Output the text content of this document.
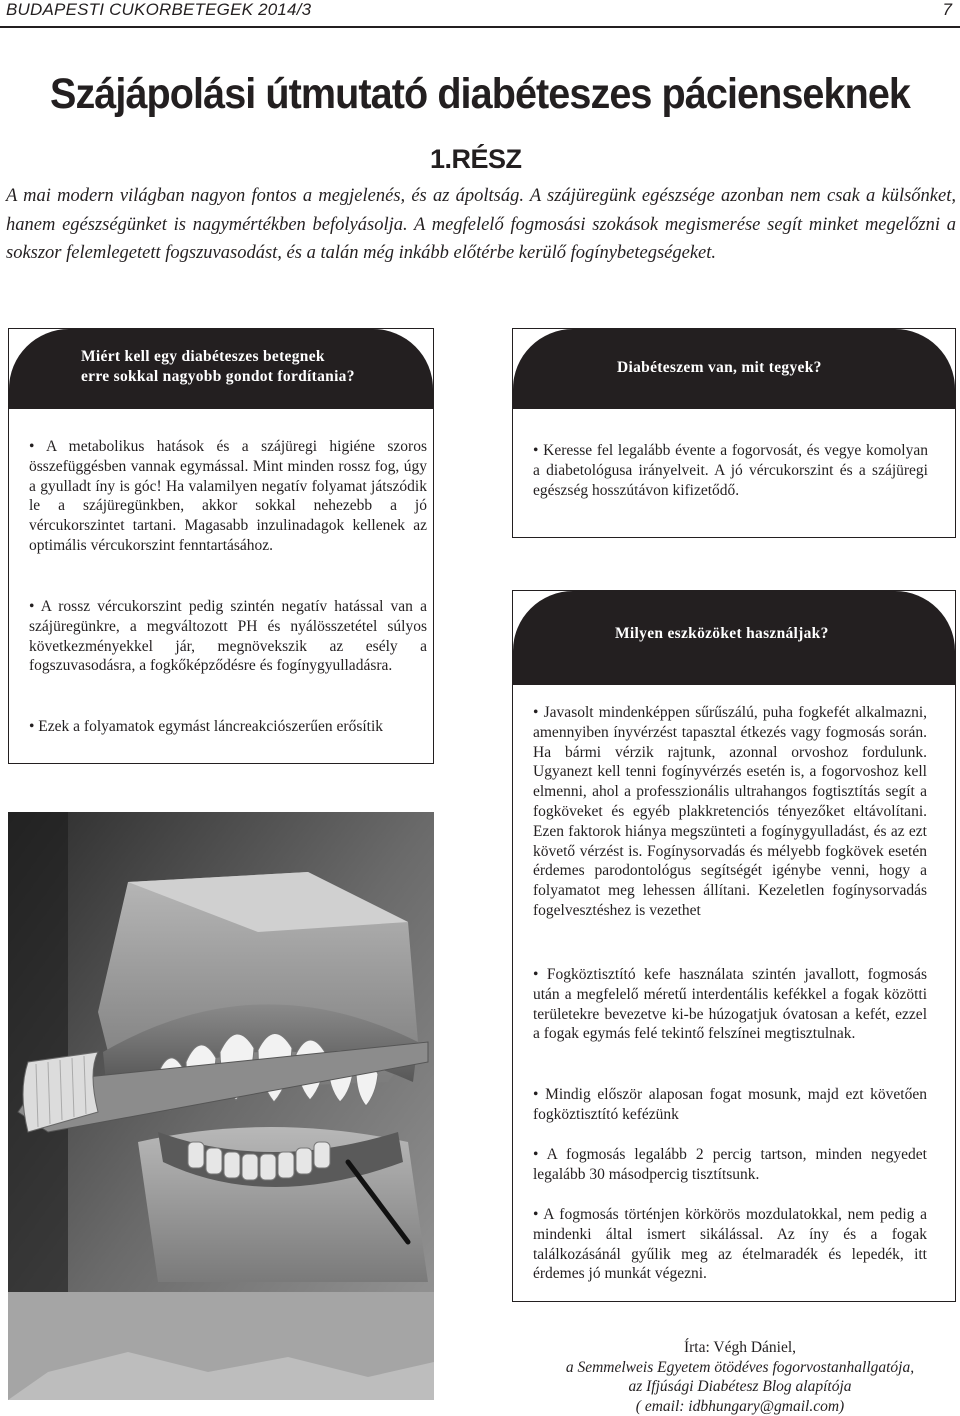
BUDAPESTI CUKORBETEGEK 2014/3	7
Szájápolási útmutató diabéteszes pácienseknek
1.RÉSZ
A mai modern világban nagyon fontos a megjelenés, és az ápoltság. A szájüregünk egészsége azonban nem csak a külsőnket, hanem egészségünket is nagymértékben befolyásolja. A megfelelő fogmosási szokások megismerése segít minket megelőzni a sokszor felemlegetett fogszuvasodást, és a talán még inkább előtérbe kerülő fogínybetegségeket.
Miért kell egy diabéteszes betegnek
erre sokkal nagyobb gondot fordítania?
• A metabolikus hatások és a szájüregi higiéne szoros összefüggésben vannak egymással. Mint minden rossz fog, úgy a gyulladt íny is góc! Ha valamilyen negatív folyamat játszódik le a szájüregünkben, akkor sokkal nehezebb a jó vércukorszintet tartani. Magasabb inzulinadagok kellenek az optimális vércukorszint fenntartásához.
• A rossz vércukorszint pedig szintén negatív hatással van a szájüregünkre, a megváltozott PH és nyálösszetétel súlyos következményekkel jár, megnövekszik az esély a fogszuvasodásra, a fogkőképződésre és fogínygyulladásra.
• Ezek a folyamatok egymást láncreakciószerűen erősítik
Diabéteszem van, mit tegyek?
• Keresse fel legalább évente a fogorvosát, és vegye komolyan a diabetológusa irányelveit. A jó vércukorszint és a szájüregi egészség hosszútávon kifizetődő.
Milyen eszközöket használjak?
• Javasolt mindenképpen sűrűszálú, puha fogkefét alkalmazni, amennyiben ínyvérzést tapasztal étkezés vagy fogmosás során. Ha bármi vérzik rajtunk, azonnal orvoshoz fordulunk. Ugyanezt kell tenni fogínyvérzés esetén is, a fogorvoshoz kell elmenni, ahol a professzionális ultrahangos fogtisztítás segít a fogköveket és egyéb plakkretenciós tényezőket eltávolítani. Ezen faktorok hiánya megszünteti a fogínygyulladást, és az ezt követő vérzést is. Fogínysorvadás és mélyebb fogkövek esetén érdemes parodontológus segítségét igénybe venni, hogy a folyamatot meg lehessen állítani. Kezeletlen fogínysorvadás fogelvesztéshez is vezethet
• Fogköztisztító kefe használata szintén javallott, fogmosás után a megfelelő méretű interdentális kefékkel a fogak közötti területekre bevezetve ki-be húzogatjuk óvatosan a kefét, ezzel a fogak egymás felé tekintő felszínei megtisztulnak.
• Mindig először alaposan fogat mosunk, majd ezt követően fogköztisztító kefézünk
• A fogmosás legalább 2 percig tartson, minden negyedet legalább 30 másodpercig tisztítsunk.
• A fogmosás történjen körkörös mozdulatokkal, nem pedig a mindenki által ismert sikálással. Az íny és a fogak találkozásánál gyűlik meg az ételmaradék és lepedék, itt érdemes jó munkát végezni.
Írta: Végh Dániel,
a Semmelweis Egyetem ötödéves fogorvostanhallgatója,
az Ifjúsági Diabétesz Blog alapítója
( email: idbhungary@gmail.com)
